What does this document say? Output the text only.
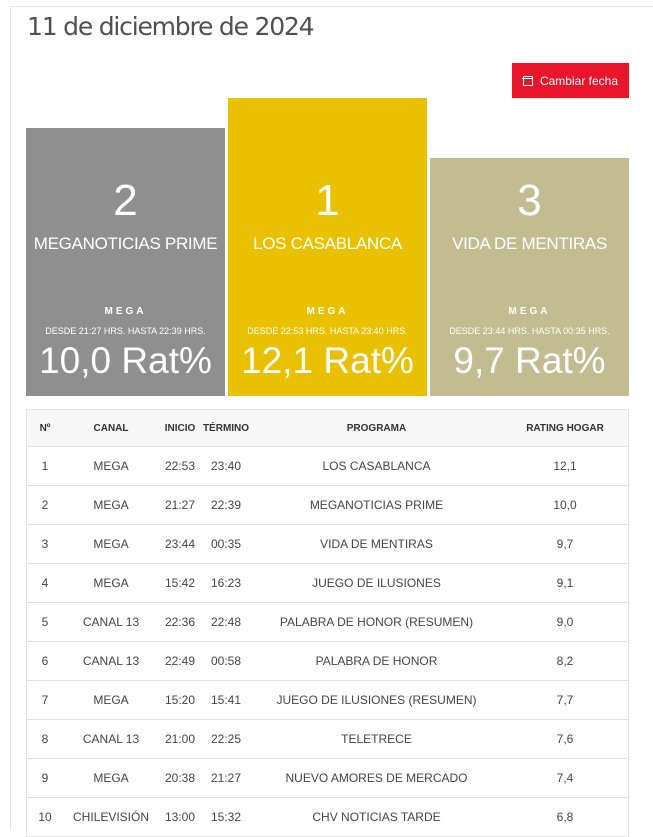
11 de diciembre de 2024
Cambiar fecha
2
MEGANOTICIAS PRIME
MEGA
DESDE 21:27 HRS. HASTA 22:39 HRS.
10,0 Rat%
1
LOS CASABLANCA
MEGA
DESDE 22:53 HRS. HASTA 23:40 HRS.
12,1 Rat%
3
VIDA DE MENTIRAS
MEGA
DESDE 23:44 HRS. HASTA 00:35 HRS.
9,7 Rat%
Nº	CANAL	INICIO	TÉRMINO	PROGRAMA	RATING HOGAR
1	MEGA	22:53	23:40	LOS CASABLANCA	12,1
2	MEGA	21:27	22:39	MEGANOTICIAS PRIME	10,0
3	MEGA	23:44	00:35	VIDA DE MENTIRAS	9,7
4	MEGA	15:42	16:23	JUEGO DE ILUSIONES	9,1
5	CANAL 13	22:36	22:48	PALABRA DE HONOR (RESUMEN)	9,0
6	CANAL 13	22:49	00:58	PALABRA DE HONOR	8,2
7	MEGA	15:20	15:41	JUEGO DE ILUSIONES (RESUMEN)	7,7
8	CANAL 13	21:00	22:25	TELETRECE	7,6
9	MEGA	20:38	21:27	NUEVO AMORES DE MERCADO	7,4
10	CHILEVISIÓN	13:00	15:32	CHV NOTICIAS TARDE	6,8
